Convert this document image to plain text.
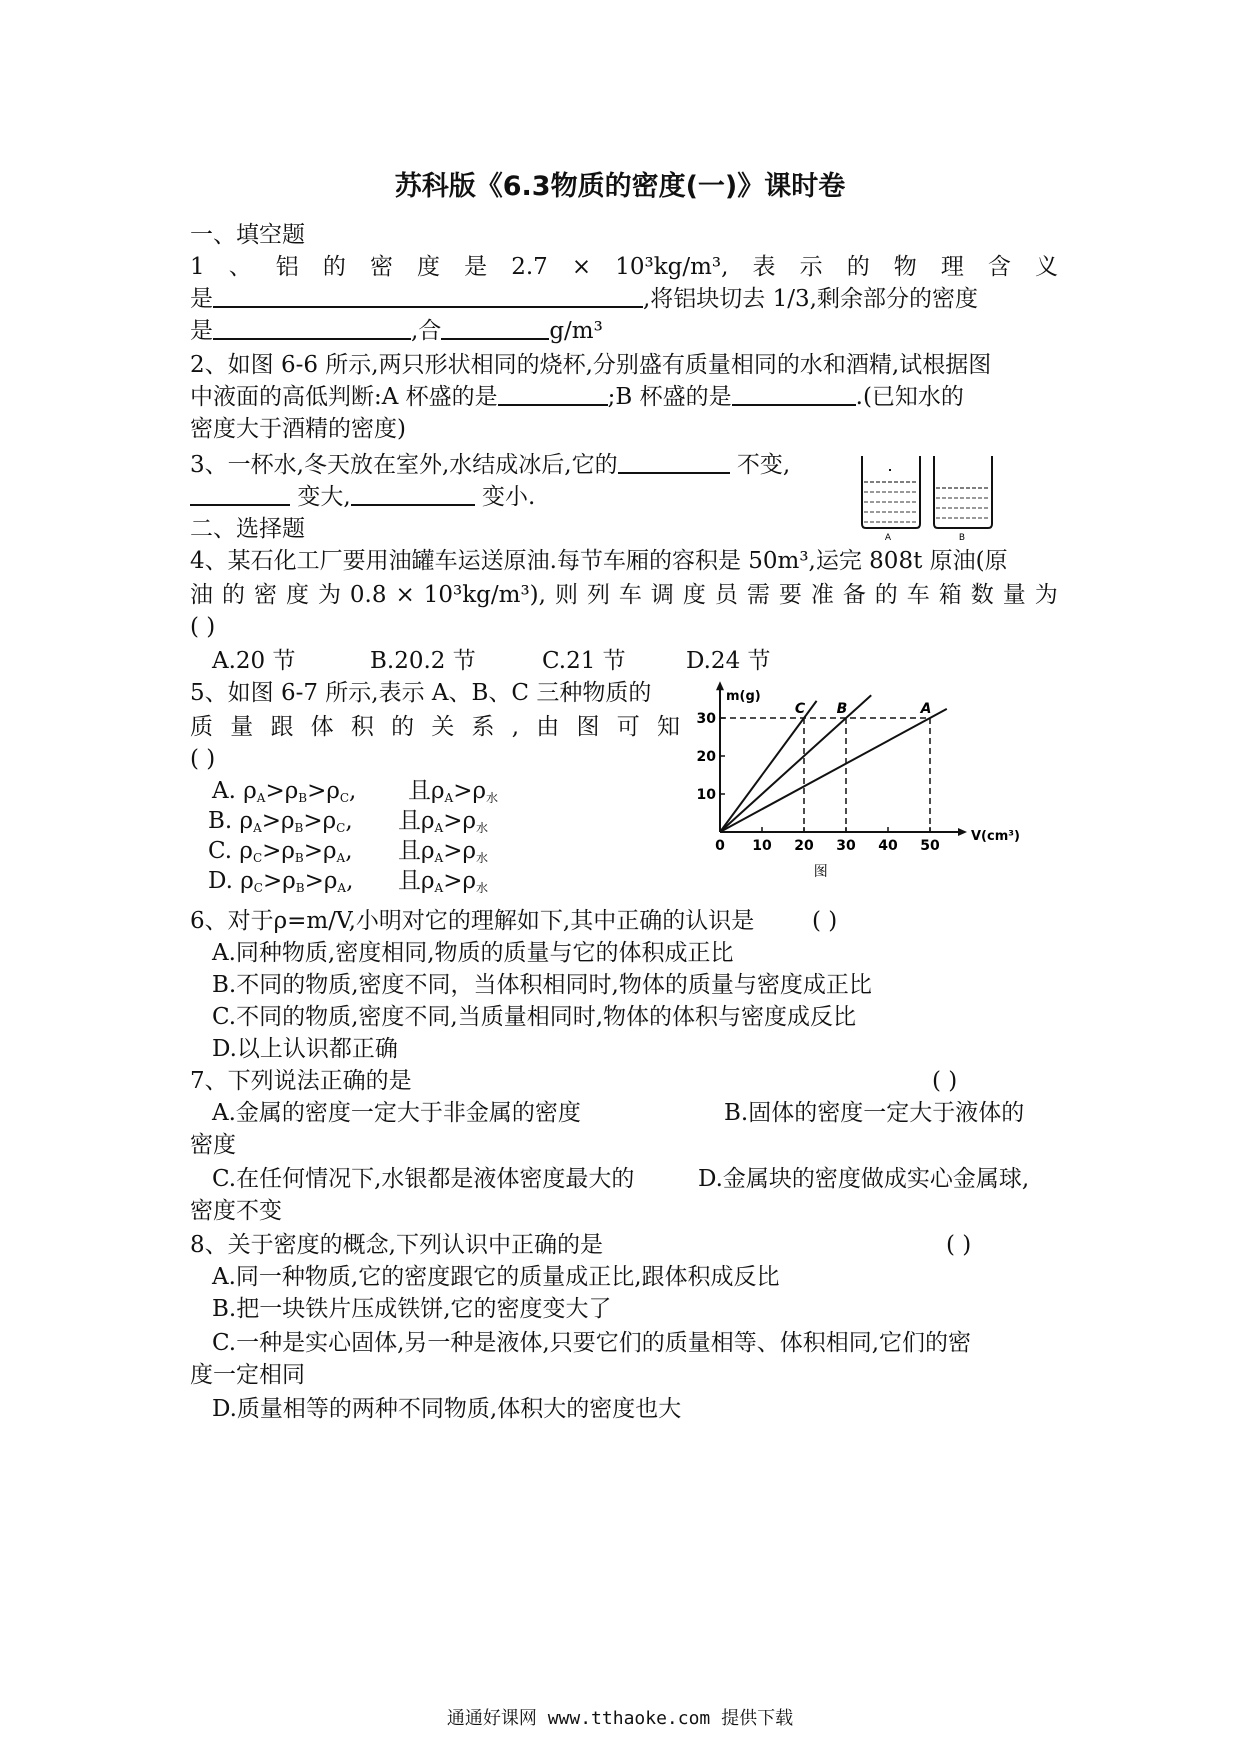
苏科版《6.3物质的密度(一)》课时卷
一、填空题
1 、 铝 的 密 度 是 2.7 × 10³kg/m³, 表 示 的 物 理 含 义
是	,将铝块切去 1/3,剩余部分的密度
是	,合	g/m³
2、如图 6-6 所示,两只形状相同的烧杯,分别盛有质量相同的水和酒精,试根据图
中液面的高低判断:A 杯盛的是	;B 杯盛的是	.(已知水的
密度大于酒精的密度)
3、一杯水,冬天放在室外,水结成冰后,它的	不变,
变大,	变小.
A	B
二、选择题
4、某石化工厂要用油罐车运送原油.每节车厢的容积是 50m³,运完 808t 原油(原
油 的 密 度 为 0.8 × 10³kg/m³), 则 列 车 调 度 员 需 要 准 备 的 车 箱 数 量 为
( )
A.20 节	B.20.2 节	C.21 节	D.24 节
5、如图 6-7 所示,表示 A、B、C 三种物质的
质 量 跟 体 积 的 关 系 , 由 图 可 知
( )
0 10 20 30 40 50
10
20
30
C B	A
m(g)
V(cm³)
图
6、对于ρ=m/V,小明对它的理解如下,其中正确的认识是	( )
A.同种物质,密度相同,物质的质量与它的体积成正比
B.不同的物质,密度不同，当体积相同时,物体的质量与密度成正比
C.不同的物质,密度不同,当质量相同时,物体的体积与密度成反比
D.以上认识都正确
7、下列说法正确的是	( )
A.金属的密度一定大于非金属的密度	B.固体的密度一定大于液体的
密度
C.在任何情况下,水银都是液体密度最大的	D.金属块的密度做成实心金属球,
密度不变
8、关于密度的概念,下列认识中正确的是	( )
A.同一种物质,它的密度跟它的质量成正比,跟体积成反比
B.把一块铁片压成铁饼,它的密度变大了
C.一种是实心固体,另一种是液体,只要它们的质量相等、体积相同,它们的密
度一定相同
D.质量相等的两种不同物质,体积大的密度也大
通通好课网 www.tthaoke.com 提供下载
A. $\rho_A>\rho_B>\rho_C$, 且$\rho_A>\rho_水$
B. $\rho_A>\rho_B>\rho_C$, 且$\rho_A>\rho_水$
C. $\rho_C>\rho_B>\rho_A$, 且$\rho_A>\rho_水$
D. $\rho_C>\rho_B>\rho_A$, 且$\rho_A>\rho_水$
